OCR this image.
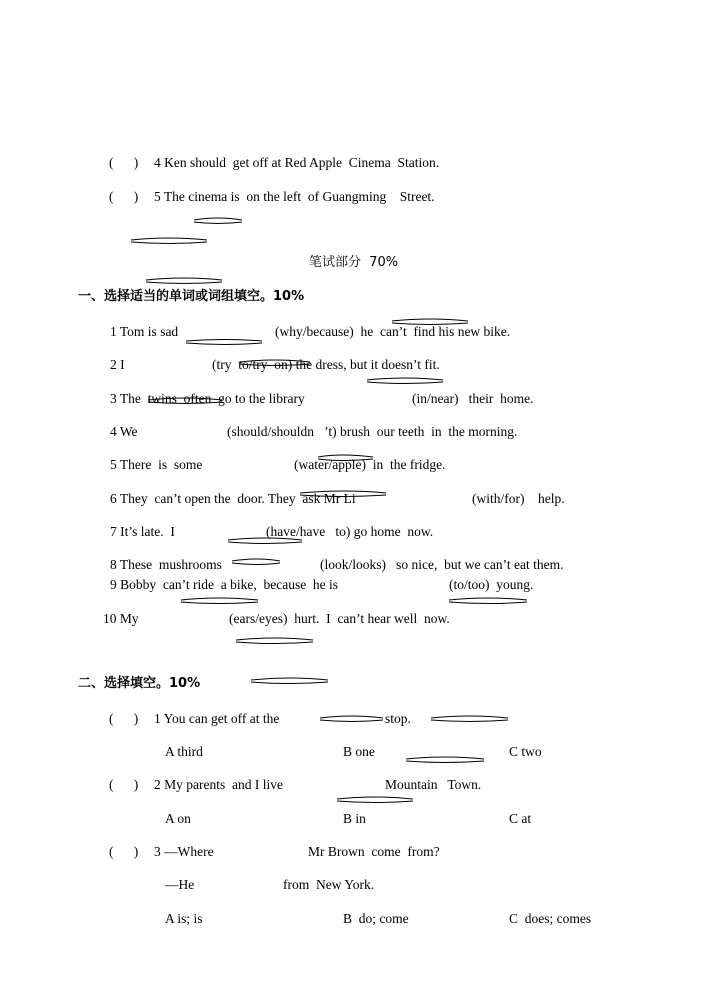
(      ) 4 Ken should  get off at Red Apple  Cinema  Station.
(      ) 5 The cinema is  on the left  of Guangming    Street.
笔试部分  70%
一、选择适当的单词或词组填空。10%
1 Tom is sad	(why/because)  he  can’t  find his new bike.
2 I	(try  to/try  on) the dress, but it doesn’t fit.
3 The  twins  often  go to the library	(in/near)   their  home.
4 We	(should/shouldn   ’t) brush  our teeth  in  the morning.
5 There  is  some	(water/apple)  in  the fridge.
6 They  can’t open the  door. They  ask Mr Li	(with/for)    help.
7 It’s late.  I	(have/have   to) go home  now.
8 These  mushrooms	(look/looks)   so nice,  but we can’t eat them.
9 Bobby  can’t ride  a bike,  because  he is	(to/too)  young.
10 My	(ears/eyes)  hurt.  I  can’t hear well  now.
二、选择填空。10%
(      ) 1 You can get off at the	stop.
A third	B one	C two
(      ) 2 My parents  and I live	Mountain   Town.
A on	B in	C at
(      ) 3 —Where	Mr Brown  come  from?
—He	from  New York.
A is; is	B  do; come	C  does; comes
